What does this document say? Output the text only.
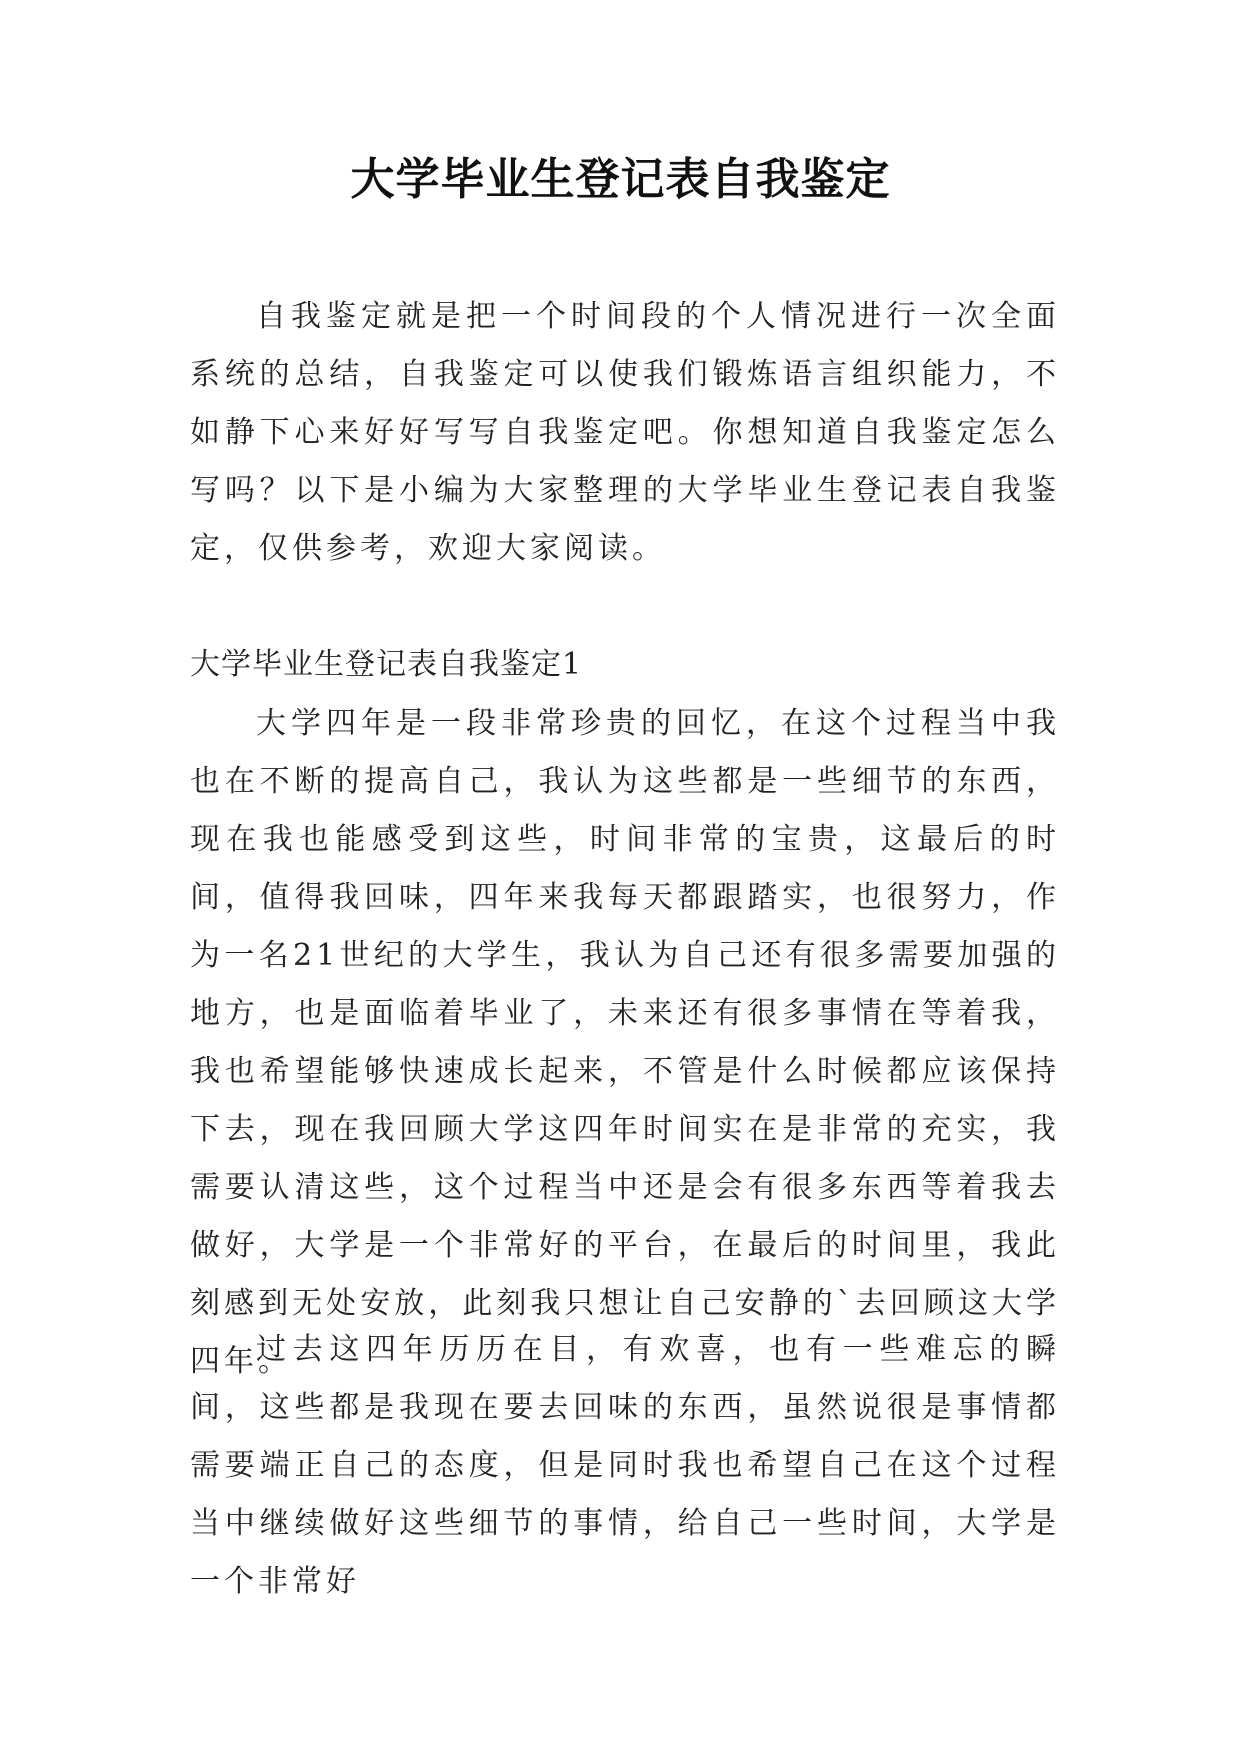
大学毕业生登记表自我鉴定

自我鉴定就是把一个时间段的个人情况进行一次全面系统的总结，自我鉴定可以使我们锻炼语言组织能力，不如静下心来好好写写自我鉴定吧。你想知道自我鉴定怎么写吗？以下是小编为大家整理的大学毕业生登记表自我鉴定，仅供参考，欢迎大家阅读。

大学毕业生登记表自我鉴定1

大学四年是一段非常珍贵的回忆，在这个过程当中我也在不断的提高自己，我认为这些都是一些细节的东西，现在我也能感受到这些，时间非常的宝贵，这最后的时间，值得我回味，四年来我每天都跟踏实，也很努力，作为一名21世纪的大学生，我认为自己还有很多需要加强的地方，也是面临着毕业了，未来还有很多事情在等着我，我也希望能够快速成长起来，不管是什么时候都应该保持下去，现在我回顾大学这四年时间实在是非常的充实，我需要认清这些，这个过程当中还是会有很多东西等着我去做好，大学是一个非常好的平台，在最后的时间里，我此刻感到无处安放，此刻我只想让自己安静的`去回顾这大学四年。

过去这四年历历在目，有欢喜，也有一些难忘的瞬间，这些都是我现在要去回味的东西，虽然说很是事情都需要端正自己的态度，但是同时我也希望自己在这个过程当中继续做好这些细节的事情，给自己一些时间，大学是一个非常好
